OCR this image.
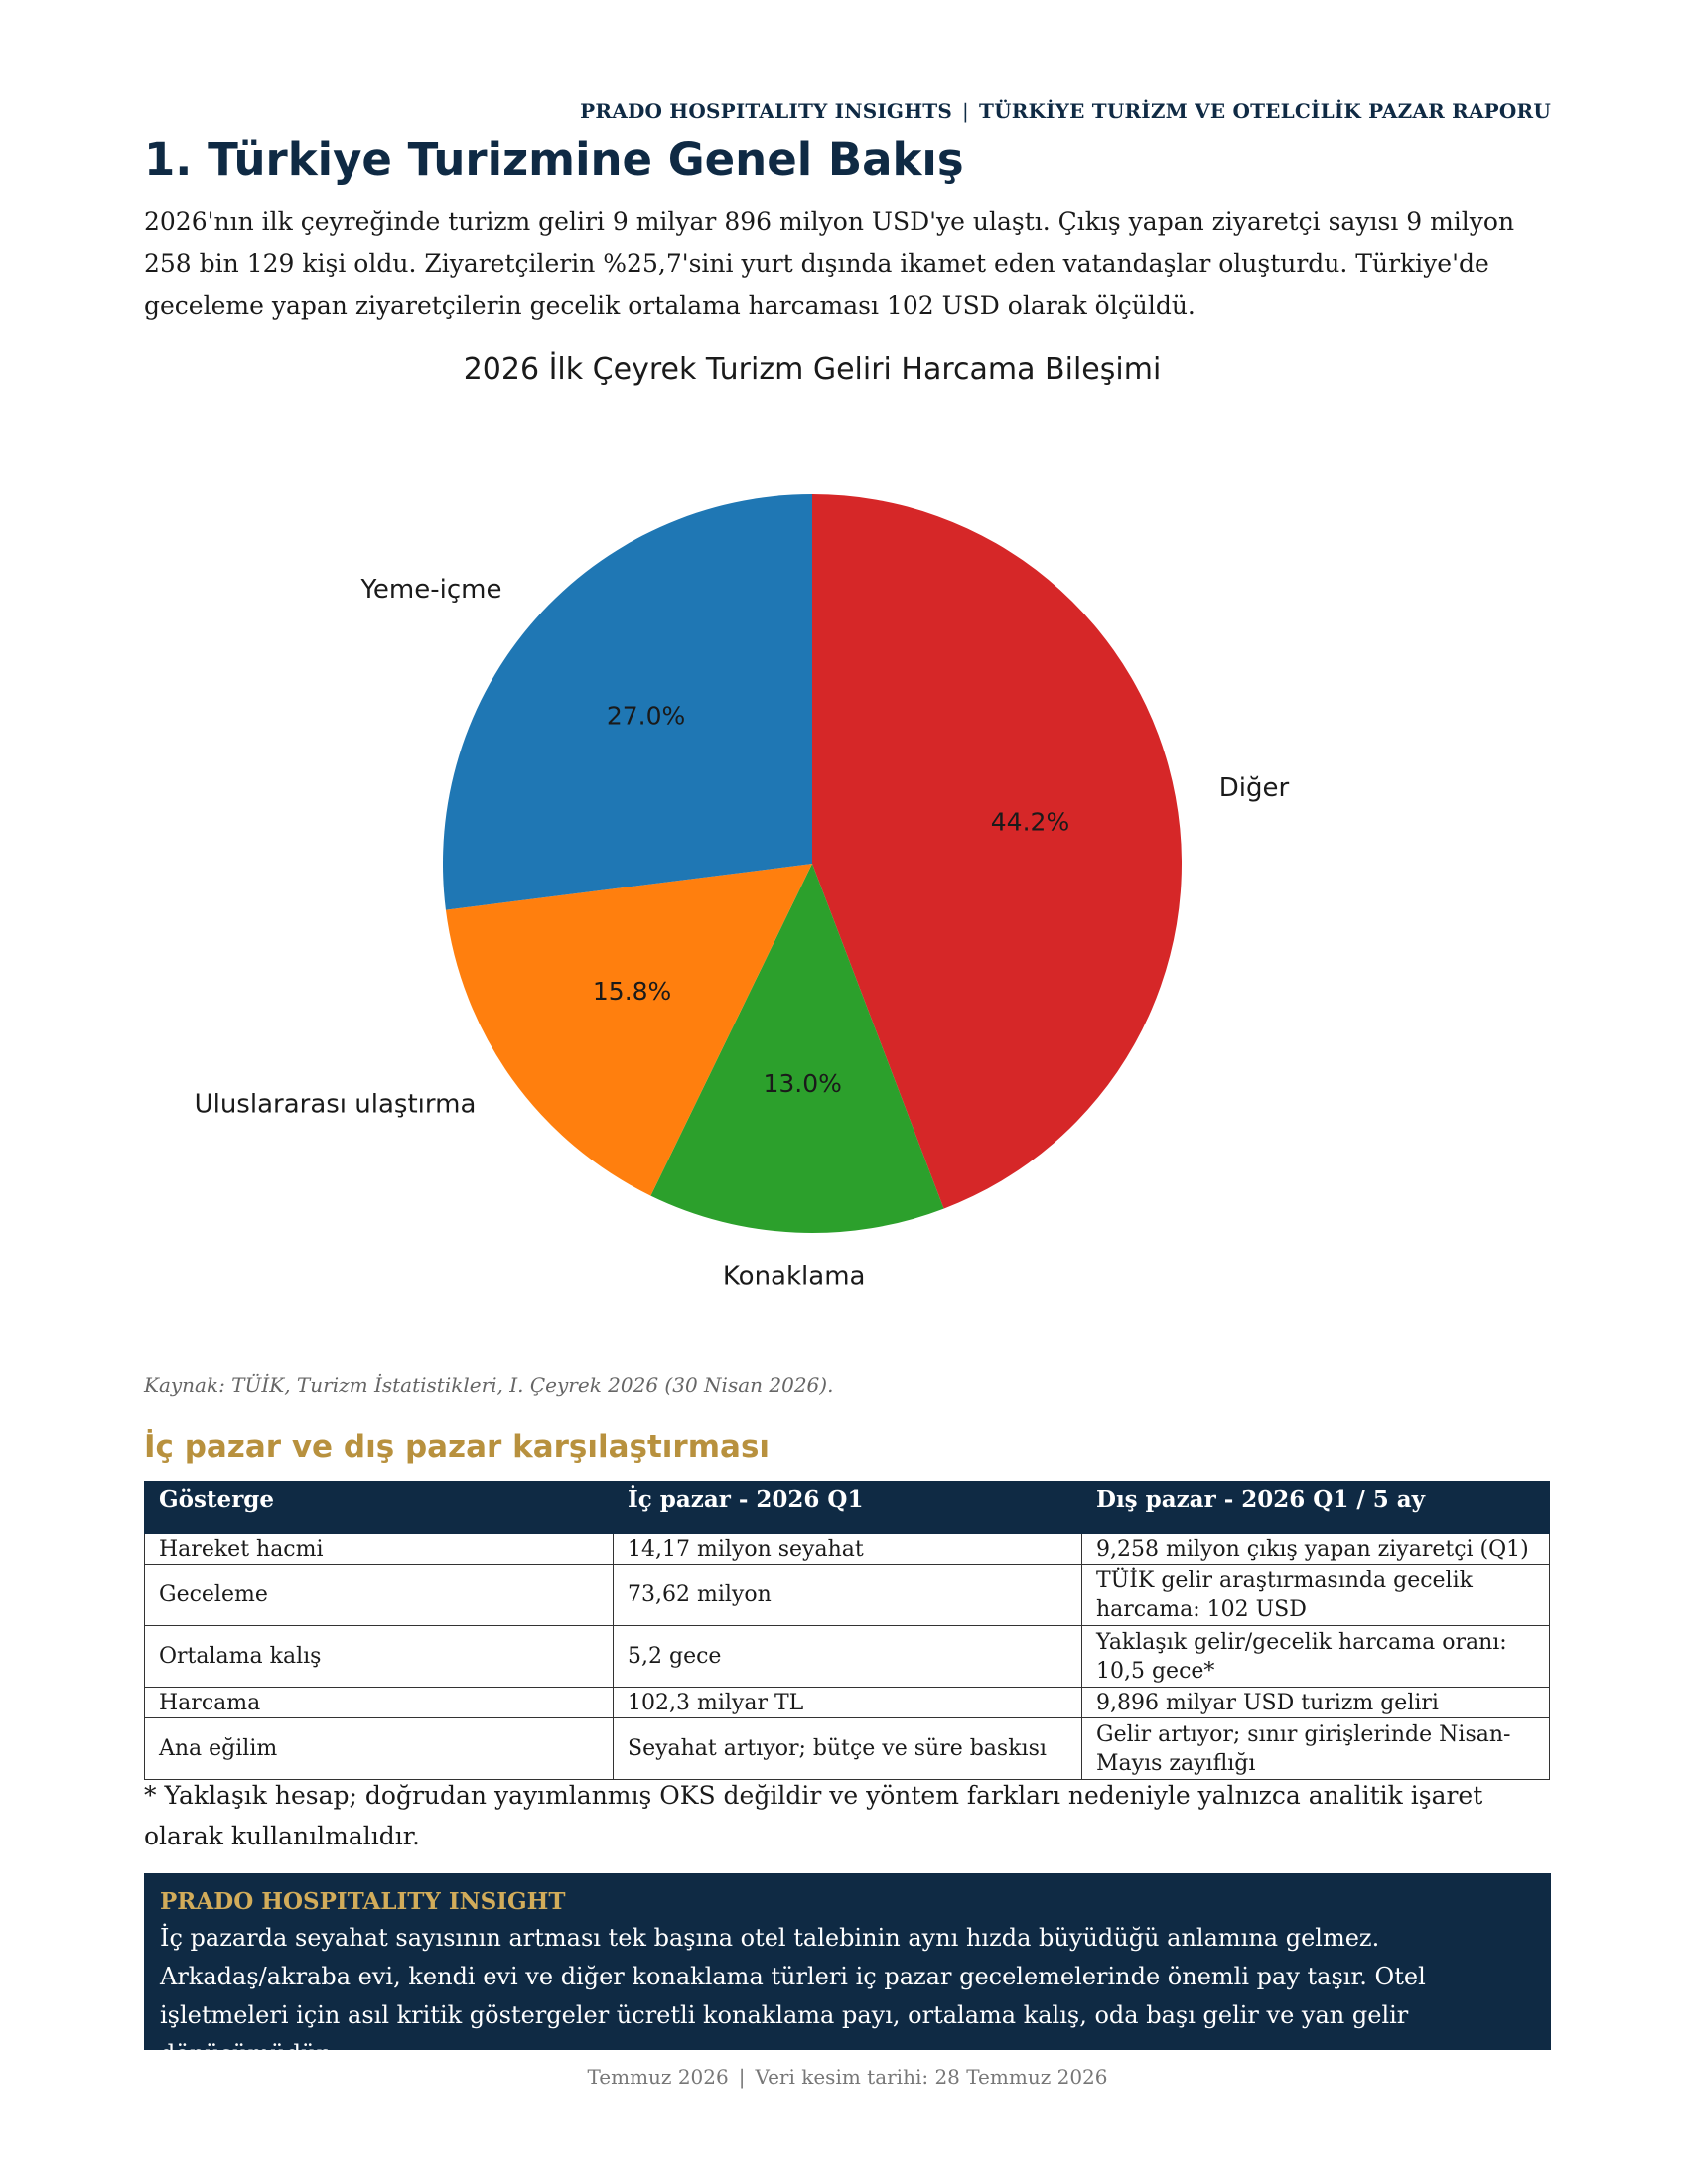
PRADO HOSPITALITY INSIGHTS | TÜRKİYE TURİZM VE OTELCİLİK PAZAR RAPORU
1. Türkiye Turizmine Genel Bakış

2026'nın ilk çeyreğinde turizm geliri 9 milyar 896 milyon USD'ye ulaştı. Çıkış yapan ziyaretçi sayısı 9 milyon 258 bin 129 kişi oldu. Ziyaretçilerin %25,7'sini yurt dışında ikamet eden vatandaşlar oluşturdu. Türkiye'de geceleme yapan ziyaretçilerin gecelik ortalama harcaması 102 USD olarak ölçüldü.

2026 İlk Çeyrek Turizm Geliri Harcama Bileşimi
44.2%
Diğer
13.0%
Konaklama
15.8%
Uluslararası ulaştırma
27.0%
Yeme-içme
Kaynak: TÜİK, Turizm İstatistikleri, I. Çeyrek 2026 (30 Nisan 2026).
İç pazar ve dış pazar karşılaştırması
Gösterge	İç pazar - 2026 Q1	Dış pazar - 2026 Q1 / 5 ay
Hareket hacmi	14,17 milyon seyahat	9,258 milyon çıkış yapan ziyaretçi (Q1)
Geceleme	73,62 milyon	TÜİK gelir araştırmasında gecelik harcama: 102 USD
Ortalama kalış	5,2 gece	Yaklaşık gelir/gecelik harcama oranı: 10,5 gece*
Harcama	102,3 milyar TL	9,896 milyar USD turizm geliri
Ana eğilim	Seyahat artıyor; bütçe ve süre baskısı	Gelir artıyor; sınır girişlerinde Nisan-Mayıs zayıflığı

* Yaklaşık hesap; doğrudan yayımlanmış OKS değildir ve yöntem farkları nedeniyle yalnızca analitik işaret olarak kullanılmalıdır.

PRADO HOSPITALITY INSIGHT
İç pazarda seyahat sayısının artması tek başına otel talebinin aynı hızda büyüdüğü anlamına gelmez. Arkadaş/akraba evi, kendi evi ve diğer konaklama türleri iç pazar gecelemelerinde önemli pay taşır. Otel işletmeleri için asıl kritik göstergeler ücretli konaklama payı, ortalama kalış, oda başı gelir ve yan gelir dönüşümüdür.
Temmuz 2026 | Veri kesim tarihi: 28 Temmuz 2026
